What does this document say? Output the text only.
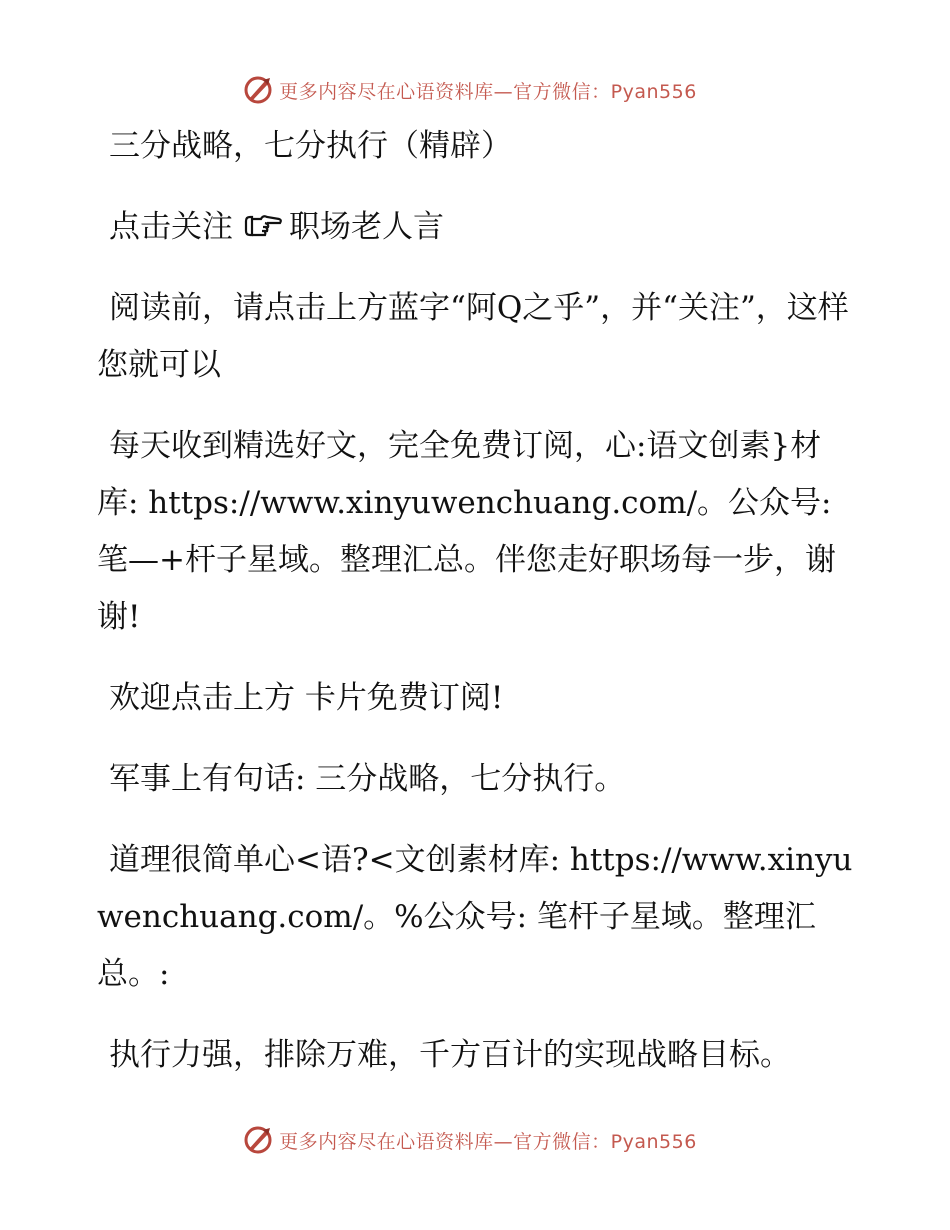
更多内容尽在心语资料库—官方微信：Pyan556

三分战略，七分执行（精辟）

点击关注 职场老人言

阅读前，请点击上方蓝字“阿Q之乎”，并“关注”，这样您就可以

每天收到精选好文，完全免费订阅，心:语文创素}材库: https://www.xinyuwenchuang.com/。公众号: 笔—+杆子星域。整理汇总。伴您走好职场每一步，谢谢!

欢迎点击上方 卡片免费订阅!

军事上有句话: 三分战略，七分执行。

道理很简单心<语?<文创素材库: https://www.xinyuwenchuang.com/。%公众号: 笔杆子星域。整理汇总。:

执行力强，排除万难，千方百计的实现战略目标。

更多内容尽在心语资料库—官方微信：Pyan556
